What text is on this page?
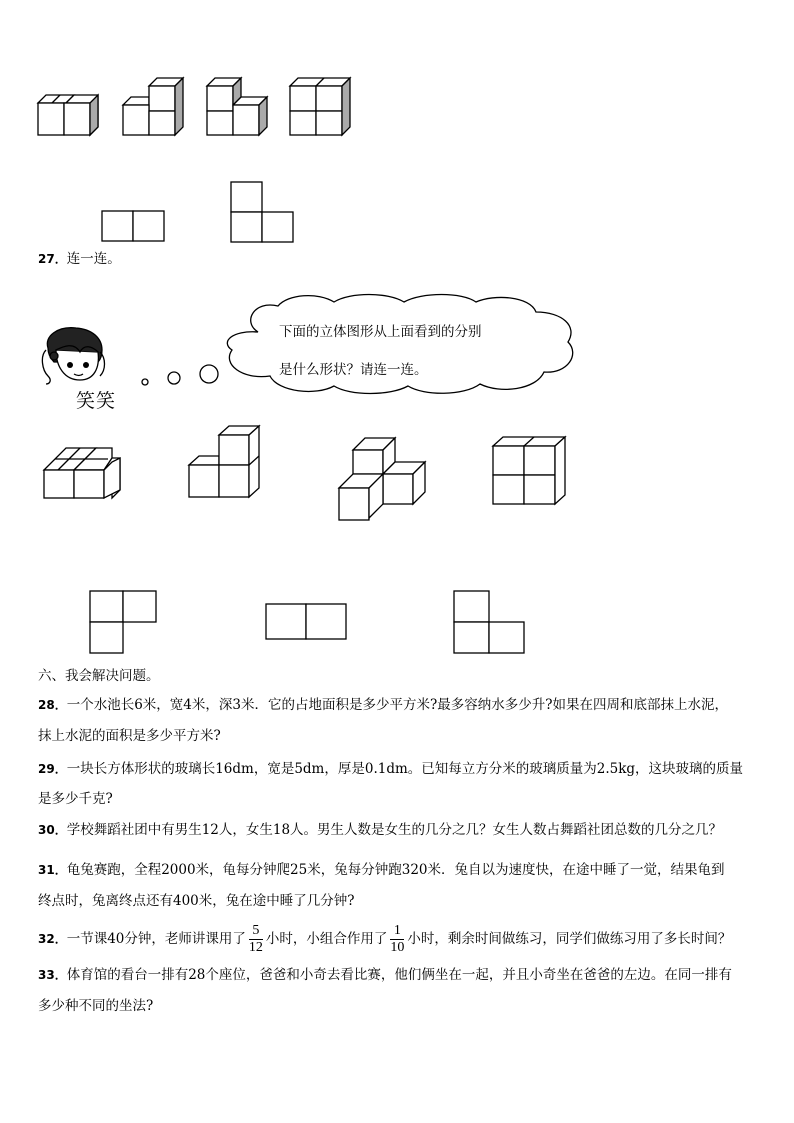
27．连一连。
笑笑
下面的立体图形从上面看到的分别
是什么形状？请连一连。
六、我会解决问题。
28．一个水池长6米，宽4米，深3米．它的占地面积是多少平方米?最多容纳水多少升?如果在四周和底部抹上水泥，
抹上水泥的面积是多少平方米?
29．一块长方体形状的玻璃长16dm，宽是5dm，厚是0.1dm。已知每立方分米的玻璃质量为2.5kg，这块玻璃的质量
是多少千克?
30．学校舞蹈社团中有男生12人，女生18人。男生人数是女生的几分之几？女生人数占舞蹈社团总数的几分之几？
31．龟兔赛跑，全程2000米，龟每分钟爬25米，兔每分钟跑320米．兔自以为速度快，在途中睡了一觉，结果龟到
终点时，兔离终点还有400米，兔在途中睡了几分钟?
32．一节课40分钟，老师讲课用了 $\frac{5}{12}$ 小时，小组合作用了 $\frac{1}{10}$ 小时，剩余时间做练习，同学们做练习用了多长时间？
33．体育馆的看台一排有28个座位，爸爸和小奇去看比赛，他们俩坐在一起，并且小奇坐在爸爸的左边。在同一排有
多少种不同的坐法?
